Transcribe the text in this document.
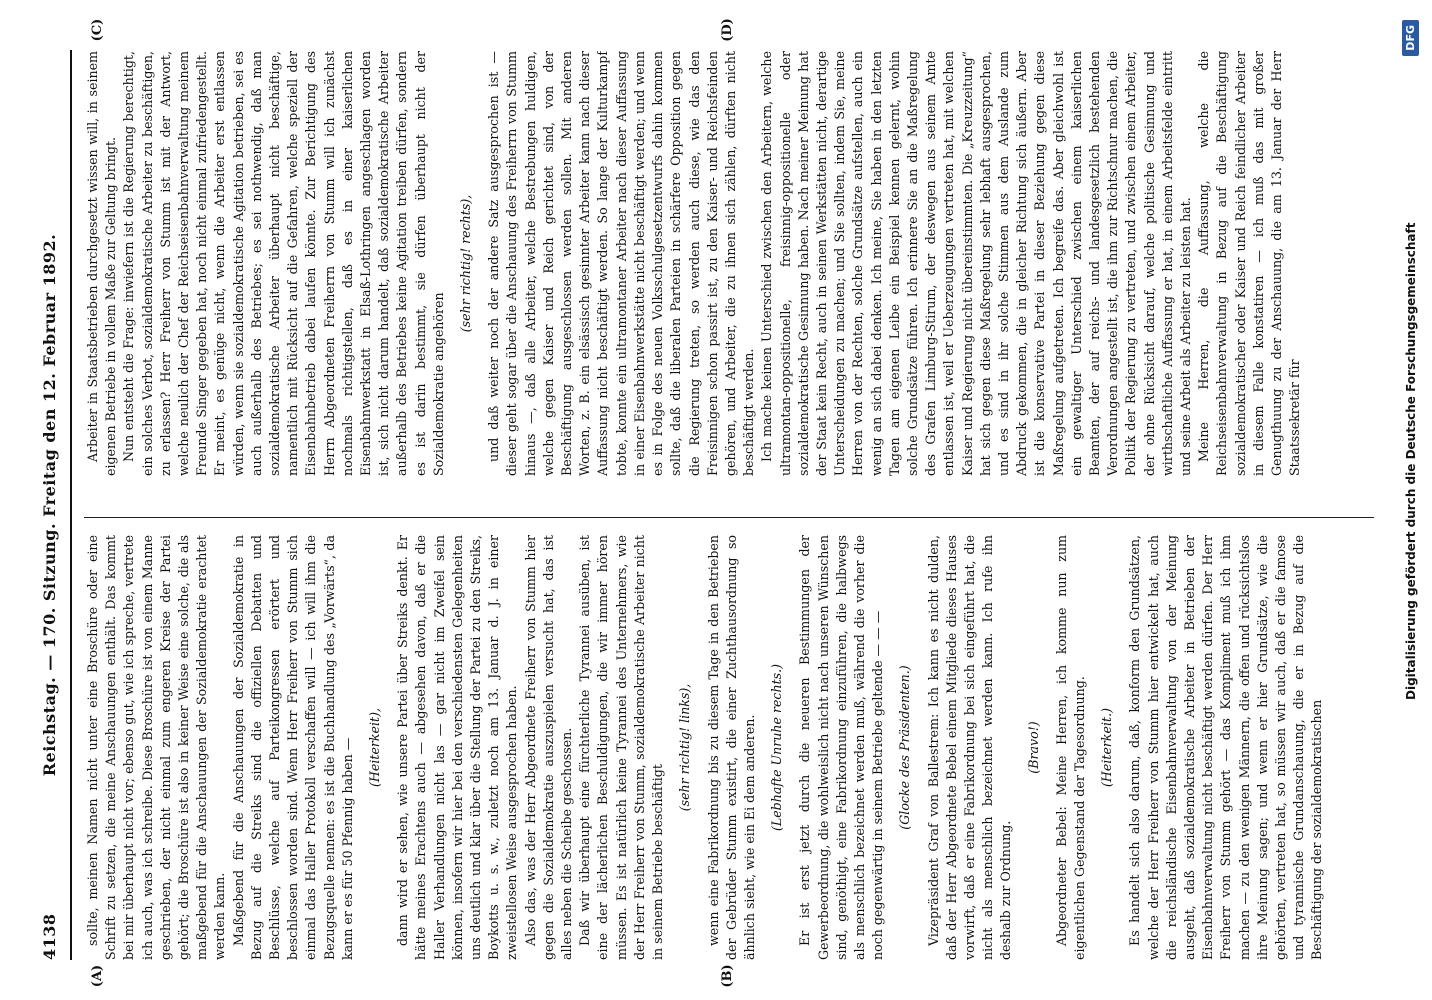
4138
Reichstag. — 170. Sitzung. Freitag den 12. Februar 1892.
(A)	(B)
(C)	(D)

sollte, meinen Namen nicht unter eine Broschüre oder eine Schrift zu setzen, die meine Anschauungen enthält. Das kommt bei mir überhaupt nicht vor; ebenso gut, wie ich spreche, vertrete ich auch, was ich schreibe. Diese Broschüre ist von einem Manne geschrieben, der nicht einmal zum engeren Kreise der Partei gehört; die Broschüre ist also in keiner Weise eine solche, die als maßgebend für die Anschauungen der Sozialdemokratie erachtet werden kann. Maßgebend für die Anschauungen der Sozialdemokratie in Bezug auf die Streiks sind die offiziellen Debatten und Beschlüsse, welche auf Parteikongressen erörtert und beschlossen worden sind. Wenn Herr Freiherr von Stumm sich einmal das Haller Protokoll verschaffen will — ich will ihm die Bezugsquelle nennen: es ist die Buchhandlung des „Vorwärts“, da kann er es für 50 Pfennig haben — (Heiterkeit), dann wird er sehen, wie unsere Partei über Streiks denkt. Er hätte meines Erachtens auch — abgesehen davon, daß er die Haller Verhandlungen nicht las — gar nicht im Zweifel sein können, insofern wir hier bei den verschiedensten Gelegenheiten uns deutlich und klar über die Stellung der Partei zu den Streiks, Boykotts u. s. w., zuletzt noch am 13. Januar d. J. in einer zweistellosen Weise ausgesprochen haben. Also das, was der Herr Abgeordnete Freiherr von Stumm hier gegen die Sozialdemokratie auszuspielen versucht hat, das ist alles neben die Scheibe geschossen. Daß wir überhaupt eine fürchterliche Tyrannei ausüben, ist eine der lächerlichen Beschuldigungen, die wir immer hören müssen. Es ist natürlich keine Tyrannei des Unternehmers, wie der Herr Freiherr von Stumm, sozialdemokratische Arbeiter nicht in seinem Betriebe beschäftigt

(sehr richtig! links), wenn eine Fabrikordnung bis zu diesem Tage in den Betrieben der Gebrüder Stumm existirt, die einer Zuchthausordnung so ähnlich sieht, wie ein Ei dem anderen. (Lebhafte Unruhe rechts.) Er ist erst jetzt durch die neueren Bestimmungen der Gewerbeordnung, die wohlweislich nicht nach unseren Wünschen sind, genöthigt, eine Fabrikordnung einzuführen, die halbwegs als menschlich bezeichnet werden muß, während die vorher die noch gegenwärtig in seinem Betriebe geltende — — — (Glocke des Präsidenten.) Vizepräsident Graf von Ballestrem: Ich kann es nicht dulden, daß der Herr Abgeordnete Bebel einem Mitgliede dieses Hauses vorwirft, daß er eine Fabrikordnung bei sich eingeführt hat, die nicht als menschlich bezeichnet werden kann. Ich rufe ihn deshalb zur Ordnung.

(Bravo!) Abgeordneter Bebel: Meine Herren, ich komme nun zum eigentlichen Gegenstand der Tagesordnung. (Heiterkeit.) Es handelt sich also darum, daß, konform den Grundsätzen, welche der Herr Freiherr von Stumm hier entwickelt hat, auch die reichsländische Eisenbahnverwaltung von der Meinung ausgeht, daß sozialdemokratische Arbeiter in Betrieben der Eisenbahnverwaltung nicht beschäftigt werden dürfen. Der Herr Freiherr von Stumm gehört — das Kompliment muß ich ihm machen — zu den wenigen Männern, die offen und rücksichtslos ihre Meinung sagen; und wenn er hier Grundsätze, wie die gehörten, vertreten hat, so müssen wir auch, daß er die famose und tyrannische Grundanschauung, die er in Bezug auf die Beschäftigung der sozialdemokratischen

Arbeiter in Staatsbetrieben durchgesetzt wissen will, in seinem eigenen Betriebe in vollem Maße zur Geltung bringt. Nun entsteht die Frage: inwiefern ist die Regierung berechtigt, ein solches Verbot, sozialdemokratische Arbeiter zu beschäftigen, zu erlassen? Herr Freiherr von Stumm ist mit der Antwort, welche neulich der Chef der Reichseisenbahnverwaltung meinem Freunde Singer gegeben hat, noch nicht einmal zufriedengestellt. Er meint, es genüge nicht, wenn die Arbeiter erst entlassen würden, wenn sie sozialdemokratische Agitation betrieben, sei es auch außerhalb des Betriebes; es sei nothwendig, daß man sozialdemokratische Arbeiter überhaupt nicht beschäftige, namentlich mit Rücksicht auf die Gefahren, welche speziell der Eisenbahnbetrieb dabei laufen könnte. Zur Berichtigung des Herrn Abgeordneten Freiherrn von Stumm will ich zunächst nochmals richtigstellen, daß es in einer kaiserlichen Eisenbahnwerkstatt in Elsaß-Lothringen angeschlagen worden ist, sich nicht darum handelt, daß sozialdemokratische Arbeiter außerhalb des Betriebes keine Agitation treiben dürfen, sondern es ist darin bestimmt, sie dürfen überhaupt nicht der Sozialdemokratie angehören

(sehr richtig! rechts), und daß weiter noch der andere Satz ausgesprochen ist — dieser geht sogar über die Anschauung des Freiherrn von Stumm hinaus —, daß alle Arbeiter, welche Bestrebungen huldigen, welche gegen Kaiser und Reich gerichtet sind, von der Beschäftigung ausgeschlossen werden sollen. Mit anderen Worten, z. B. ein elsässisch gesinnter Arbeiter kann nach dieser Auffassung nicht beschäftigt werden. So lange der Kulturkampf tobte, konnte ein ultramontaner Arbeiter nach dieser Auffassung in einer Eisenbahnwerkstätte nicht beschäftigt werden; und wenn es in Folge des neuen Volksschulgesetzentwurfs dahin kommen sollte, daß die liberalen Parteien in schärfere Opposition gegen die Regierung treten, so werden auch diese, wie das den Freisinnigen schon passirt ist, zu den Kaiser- und Reichsfeinden gehören, und Arbeiter, die zu ihnen sich zählen, dürften nicht beschäftigt werden. Ich mache keinen Unterschied zwischen den Arbeitern, welche ultramontan-oppositionelle, freisinnig-oppositionelle oder sozialdemokratische Gesinnung haben. Nach meiner Meinung hat der Staat kein Recht, auch in seinen Werkstätten nicht, derartige Unterscheidungen zu machen; und Sie sollten, indem Sie, meine Herren von der Rechten, solche Grundsätze aufstellen, auch ein wenig an sich dabei denken. Ich meine, Sie haben in den letzten Tagen am eigenen Leibe ein Beispiel kennen gelernt, wohin solche Grundsätze führen. Ich erinnere Sie an die Maßregelung des Grafen Limburg-Stirum, der deswegen aus seinem Amte entlassen ist, weil er Ueberzeugungen vertreten hat, mit welchen Kaiser und Regierung nicht übereinstimmten. Die „Kreuzzeitung“ hat sich gegen diese Maßregelung sehr lebhaft ausgesprochen, und es sind in ihr solche Stimmen aus dem Auslande zum Abdruck gekommen, die in gleicher Richtung sich äußern. Aber ist die konservative Partei in dieser Beziehung gegen diese Maßregelung aufgetreten. Ich begreife das. Aber gleichwohl ist ein gewaltiger Unterschied zwischen einem kaiserlichen Beamten, der auf reichs- und landesgesetzlich bestehenden Verordnungen angestellt ist, die ihm zur Richtschnur machen, die Politik der Regierung zu vertreten, und zwischen einem Arbeiter, der ohne Rücksicht darauf, welche politische Gesinnung und wirthschaftliche Auffassung er hat, in einem Arbeitsfelde eintritt und seine Arbeit als Arbeiter zu leisten hat. Meine Herren, die Auffassung, welche die Reichseisenbahnverwaltung in Bezug auf die Beschäftigung sozialdemokratischer oder Kaiser und Reich feindlicher Arbeiter in diesem Falle konstatiren — ich muß das mit großer Genugthuung zu der Anschauung, die am 13. Januar der Herr Staatssekretär für	Digitalisierung gefördert durch die Deutsche Forschungsgemeinschaft
DFG
